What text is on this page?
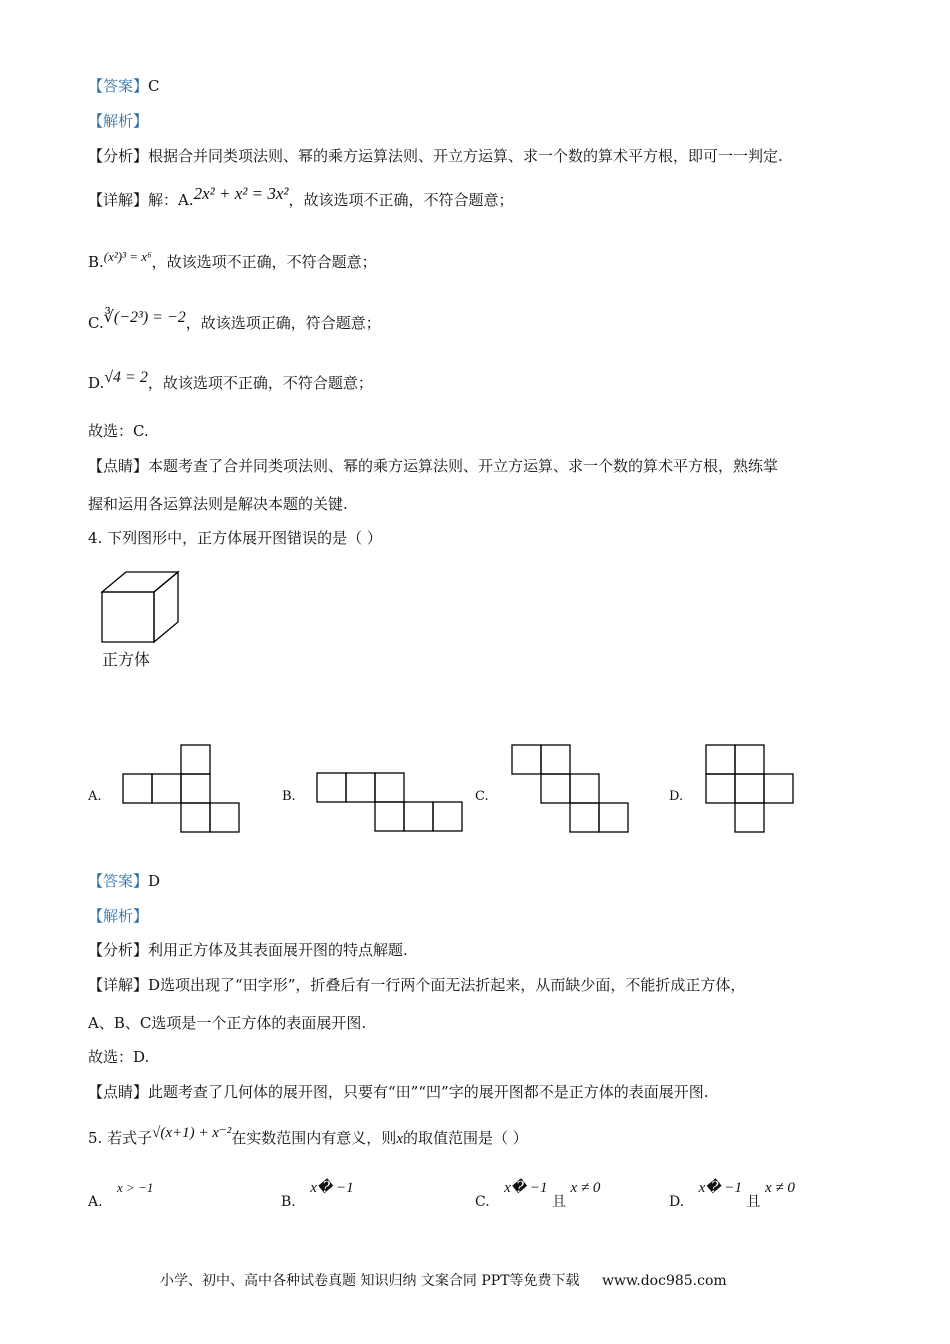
【答案】C
【解析】
【分析】根据合并同类项法则、幂的乘方运算法则、开立方运算、求一个数的算术平方根，即可一一判定.
【详解】解：A.2x² + x² = 3x²，故该选项不正确，不符合题意；
B.(x²)³ = x⁶，故该选项不正确，不符合题意；
C.∛(−2³) = −2，故该选项正确，符合题意；
D.√4 = 2，故该选项不正确，不符合题意；
故选：C.
【点睛】本题考查了合并同类项法则、幂的乘方运算法则、开立方运算、求一个数的算术平方根，熟练掌
握和运用各运算法则是解决本题的关键.
4. 下列图形中，正方体展开图错误的是（ ）
正方体
A.	B.	C.	D.
【答案】D
【解析】
【分析】利用正方体及其表面展开图的特点解题.
【详解】D选项出现了“田字形”，折叠后有一行两个面无法折起来，从而缺少面，不能折成正方体，
A、B、C选项是一个正方体的表面展开图.
故选：D.
【点睛】此题考查了几何体的展开图，只要有“田”“凹”字的展开图都不是正方体的表面展开图.
5. 若式子√(x+1) + x⁻²在实数范围内有意义，则x的取值范围是（ ）
A. x > −1
B. x� −1
C. x� −1 且 x ≠ 0
D. x� −1 且 x ≠ 0
小学、初中、高中各种试卷真题 知识归纳 文案合同 PPT等免费下载 www.doc985.com
